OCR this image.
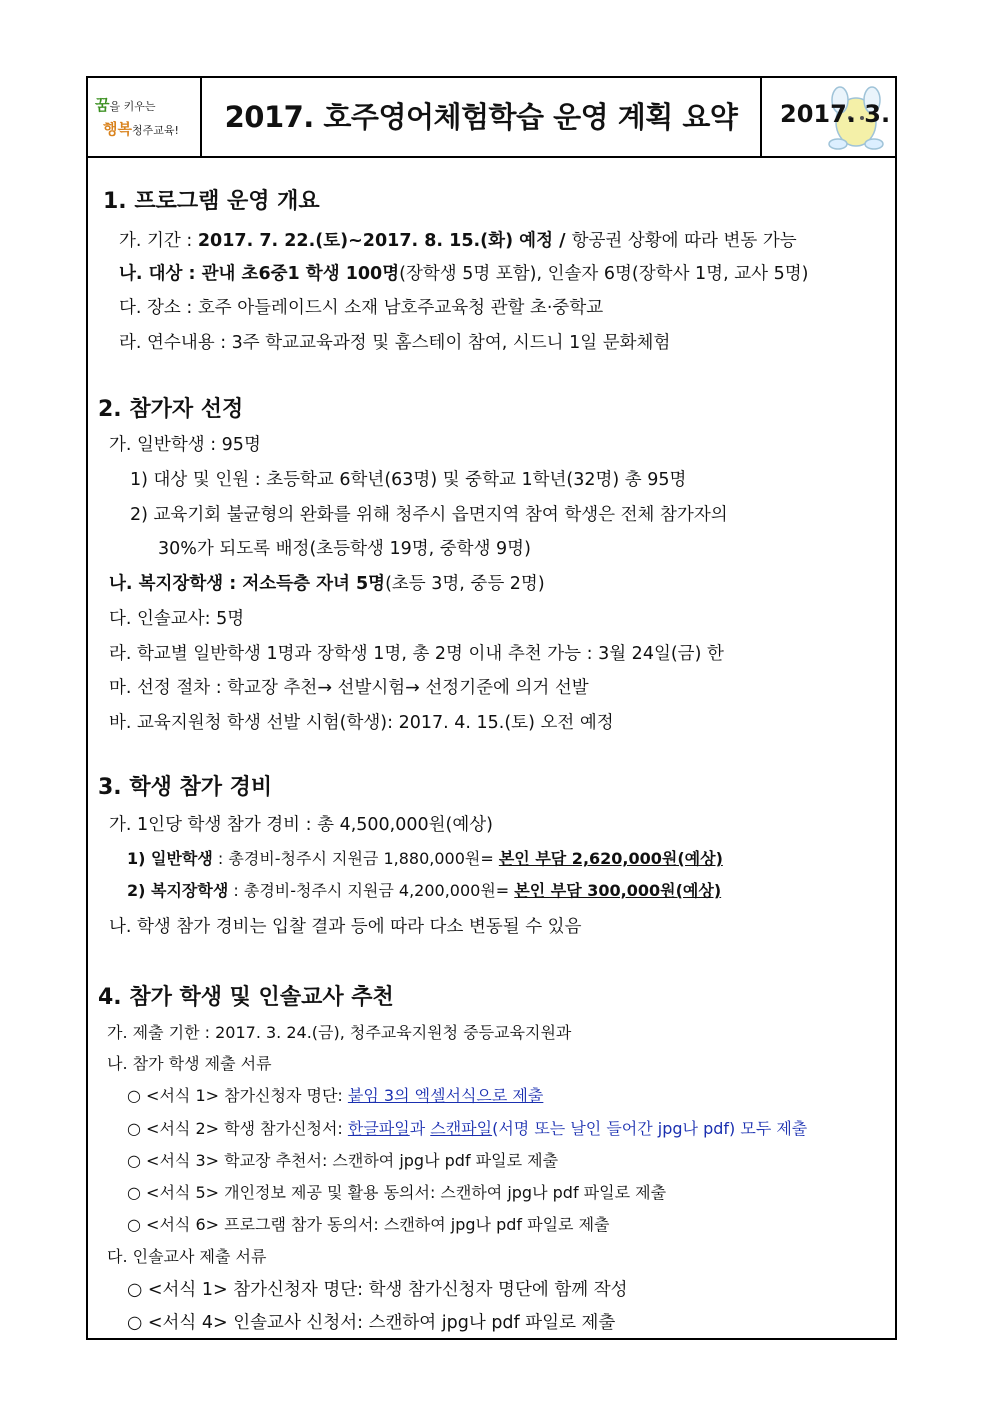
꿈을 키우는
행복청주교육!	2017. 호주영어체험학습 운영 계획 요약	2017. 3.
1. 프로그램 운영 개요
가. 기간 : 2017. 7. 22.(토)~2017. 8. 15.(화) 예정 / 항공권 상황에 따라 변동 가능
나. 대상 : 관내 초6중1 학생 100명(장학생 5명 포함), 인솔자 6명(장학사 1명, 교사 5명)
다. 장소 : 호주 아들레이드시 소재 남호주교육청 관할 초·중학교
라. 연수내용 : 3주 학교교육과정 및 홈스테이 참여, 시드니 1일 문화체험
2. 참가자 선정
가. 일반학생 : 95명
1) 대상 및 인원 : 초등학교 6학년(63명) 및 중학교 1학년(32명) 총 95명
2) 교육기회 불균형의 완화를 위해 청주시 읍면지역 참여 학생은 전체 참가자의
30%가 되도록 배정(초등학생 19명, 중학생 9명)
나. 복지장학생 : 저소득층 자녀 5명(초등 3명, 중등 2명)
다. 인솔교사: 5명
라. 학교별 일반학생 1명과 장학생 1명, 총 2명 이내 추천 가능 : 3월 24일(금) 한
마. 선정 절차 : 학교장 추천→ 선발시험→ 선정기준에 의거 선발
바. 교육지원청 학생 선발 시험(학생): 2017. 4. 15.(토) 오전 예정
3. 학생 참가 경비
가. 1인당 학생 참가 경비 : 총 4,500,000원(예상)
1) 일반학생 : 총경비-청주시 지원금 1,880,000원= 본인 부담 2,620,000원(예상)
2) 복지장학생 : 총경비-청주시 지원금 4,200,000원= 본인 부담 300,000원(예상)
나. 학생 참가 경비는 입찰 결과 등에 따라 다소 변동될 수 있음
4. 참가 학생 및 인솔교사 추천
가. 제출 기한 : 2017. 3. 24.(금), 청주교육지원청 중등교육지원과
나. 참가 학생 제출 서류
○ <서식 1> 참가신청자 명단: 붙임 3의 엑셀서식으로 제출
○ <서식 2> 학생 참가신청서: 한글파일과 스캔파일(서명 또는 날인 들어간 jpg나 pdf) 모두 제출
○ <서식 3> 학교장 추천서: 스캔하여 jpg나 pdf 파일로 제출
○ <서식 5> 개인정보 제공 및 활용 동의서: 스캔하여 jpg나 pdf 파일로 제출
○ <서식 6> 프로그램 참가 동의서: 스캔하여 jpg나 pdf 파일로 제출
다. 인솔교사 제출 서류
○ <서식 1> 참가신청자 명단: 학생 참가신청자 명단에 함께 작성
○ <서식 4> 인솔교사 신청서: 스캔하여 jpg나 pdf 파일로 제출
